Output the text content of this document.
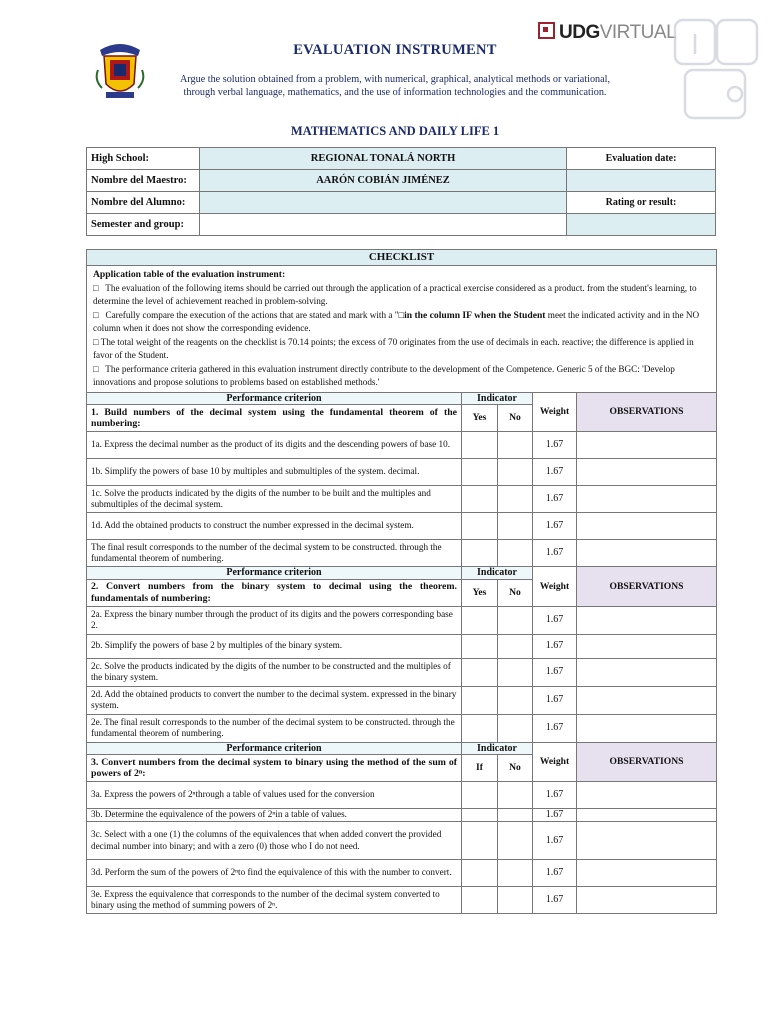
EVALUATION INSTRUMENT
Argue the solution obtained from a problem, with numerical, graphical, analytical methods or variational, through verbal language, mathematics, and the use of information technologies and the communication.
MATHEMATICS AND DAILY LIFE 1
UDGVIRTUAL
High School:	REGIONAL TONALÁ NORTH	Evaluation date:
Nombre del Maestro:	AARÓN COBIÁN JIMÉNEZ	
Nombre del Alumno:		Rating or result:
Semester and group:		
CHECKLIST				
Application table of the evaluation instrument:
□ The evaluation of the following items should be carried out through the application of a practical exercise considered as a product. from the student's learning, to determine the level of achievement reached in problem-solving.
□ Carefully compare the execution of the actions that are stated and mark with a "□in the column IF when the Student meet the indicated activity and in the NO column when it does not show the corresponding evidence.
□ The total weight of the reagents on the checklist is 70.14 points; the excess of 70 originates from the use of decimals in each. reactive; the difference is applied in favor of the Student.
□ The performance criteria gathered in this evaluation instrument directly contribute to the development of the Competence. Generic 5 of the BGC: 'Develop innovations and propose solutions to problems based on established methods.'				
Performance criterion	Indicator		Weight	OBSERVATIONS
1. Build numbers of the decimal system using the fundamental theorem of the numbering:	Yes	No		
1a. Express the decimal number as the product of its digits and the descending powers of base 10.			1.67	
1b. Simplify the powers of base 10 by multiples and submultiples of the system. decimal.			1.67	
1c. Solve the products indicated by the digits of the number to be built and the multiples and submultiples of the decimal system.			1.67	
1d. Add the obtained products to construct the number expressed in the decimal system.			1.67	
The final result corresponds to the number of the decimal system to be constructed. through the fundamental theorem of numbering.			1.67	
Performance criterion	Indicator		Weight	OBSERVATIONS
2. Convert numbers from the binary system to decimal using the theorem. fundamentals of numbering:	Yes	No		
2a. Express the binary number through the product of its digits and the powers corresponding base 2.			1.67	
2b. Simplify the powers of base 2 by multiples of the binary system.			1.67	
2c. Solve the products indicated by the digits of the number to be constructed and the multiples of the binary system.			1.67	
2d. Add the obtained products to convert the number to the decimal system. expressed in the binary system.			1.67	
2e. The final result corresponds to the number of the decimal system to be constructed. through the fundamental theorem of numbering.			1.67	
Performance criterion	Indicator		Weight	OBSERVATIONS
3. Convert numbers from the decimal system to binary using the method of the sum of powers of 2ⁿ:	If	No		
3a. Express the powers of 2ⁿthrough a table of values used for the conversion			1.67	
3b. Determine the equivalence of the powers of 2ⁿin a table of values.			1.67	
3c. Select with a one (1) the columns of the equivalences that when added convert the provided decimal number into binary; and with a zero (0) those who I do not need.			1.67	
3d. Perform the sum of the powers of 2ⁿto find the equivalence of this with the number to convert.			1.67	
3e. Express the equivalence that corresponds to the number of the decimal system converted to binary using the method of summing powers of 2ⁿ.			1.67	
